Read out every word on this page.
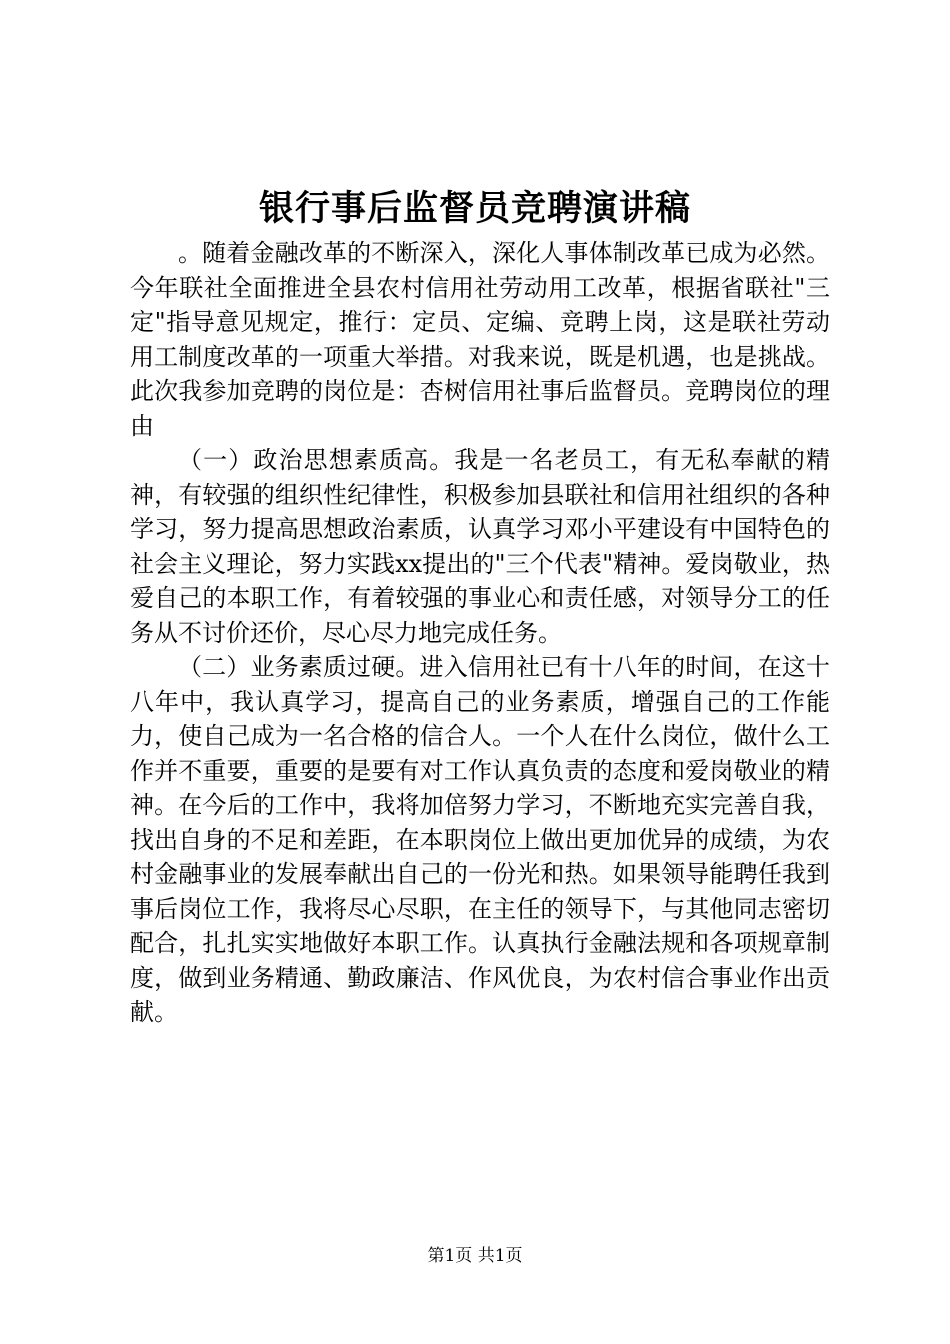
银行事后监督员竞聘演讲稿

。随着金融改革的不断深入，深化人事体制改革已成为必然。今年联社全面推进全县农村信用社劳动用工改革，根据省联社"三定"指导意见规定，推行：定员、定编、竞聘上岗，这是联社劳动用工制度改革的一项重大举措。对我来说，既是机遇，也是挑战。此次我参加竞聘的岗位是：杏树信用社事后监督员。竞聘岗位的理由

（一）政治思想素质高。我是一名老员工，有无私奉献的精神，有较强的组织性纪律性，积极参加县联社和信用社组织的各种学习，努力提高思想政治素质，认真学习邓小平建设有中国特色的社会主义理论，努力实践xx提出的"三个代表"精神。爱岗敬业，热爱自己的本职工作，有着较强的事业心和责任感，对领导分工的任务从不讨价还价，尽心尽力地完成任务。

（二）业务素质过硬。进入信用社已有十八年的时间，在这十八年中，我认真学习，提高自己的业务素质，增强自己的工作能力，使自己成为一名合格的信合人。一个人在什么岗位，做什么工作并不重要，重要的是要有对工作认真负责的态度和爱岗敬业的精神。在今后的工作中，我将加倍努力学习，不断地充实完善自我，找出自身的不足和差距，在本职岗位上做出更加优异的成绩，为农村金融事业的发展奉献出自己的一份光和热。如果领导能聘任我到事后岗位工作，我将尽心尽职，在主任的领导下，与其他同志密切配合，扎扎实实地做好本职工作。认真执行金融法规和各项规章制度，做到业务精通、勤政廉洁、作风优良，为农村信合事业作出贡献。

第1页 共1页
